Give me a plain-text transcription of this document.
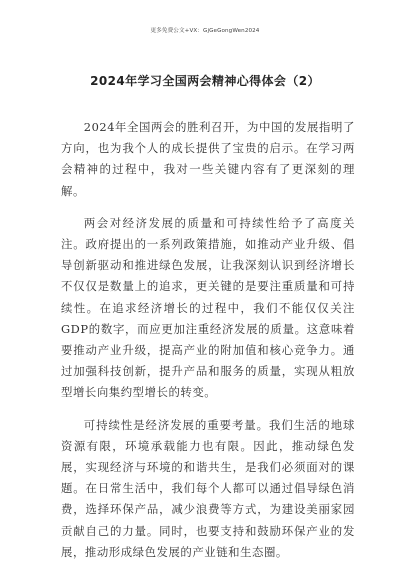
更多免费公文+VX：GjGeGongWen2024
2024年学习全国两会精神心得体会（2）

2024年全国两会的胜利召开，为中国的发展指明了方向，也为我个人的成长提供了宝贵的启示。在学习两会精神的过程中，我对一些关键内容有了更深刻的理解。

两会对经济发展的质量和可持续性给予了高度关注。政府提出的一系列政策措施，如推动产业升级、倡导创新驱动和推进绿色发展，让我深刻认识到经济增长不仅仅是数量上的追求，更关键的是要注重质量和可持续性。在追求经济增长的过程中，我们不能仅仅关注GDP的数字，而应更加注重经济发展的质量。这意味着要推动产业升级，提高产业的附加值和核心竞争力。通过加强科技创新，提升产品和服务的质量，实现从粗放型增长向集约型增长的转变。

可持续性是经济发展的重要考量。我们生活的地球资源有限，环境承载能力也有限。因此，推动绿色发展，实现经济与环境的和谐共生，是我们必须面对的课题。在日常生活中，我们每个人都可以通过倡导绿色消费，选择环保产品，减少浪费等方式，为建设美丽家园贡献自己的力量。同时，也要支持和鼓励环保产业的发展，推动形成绿色发展的产业链和生态圈。
